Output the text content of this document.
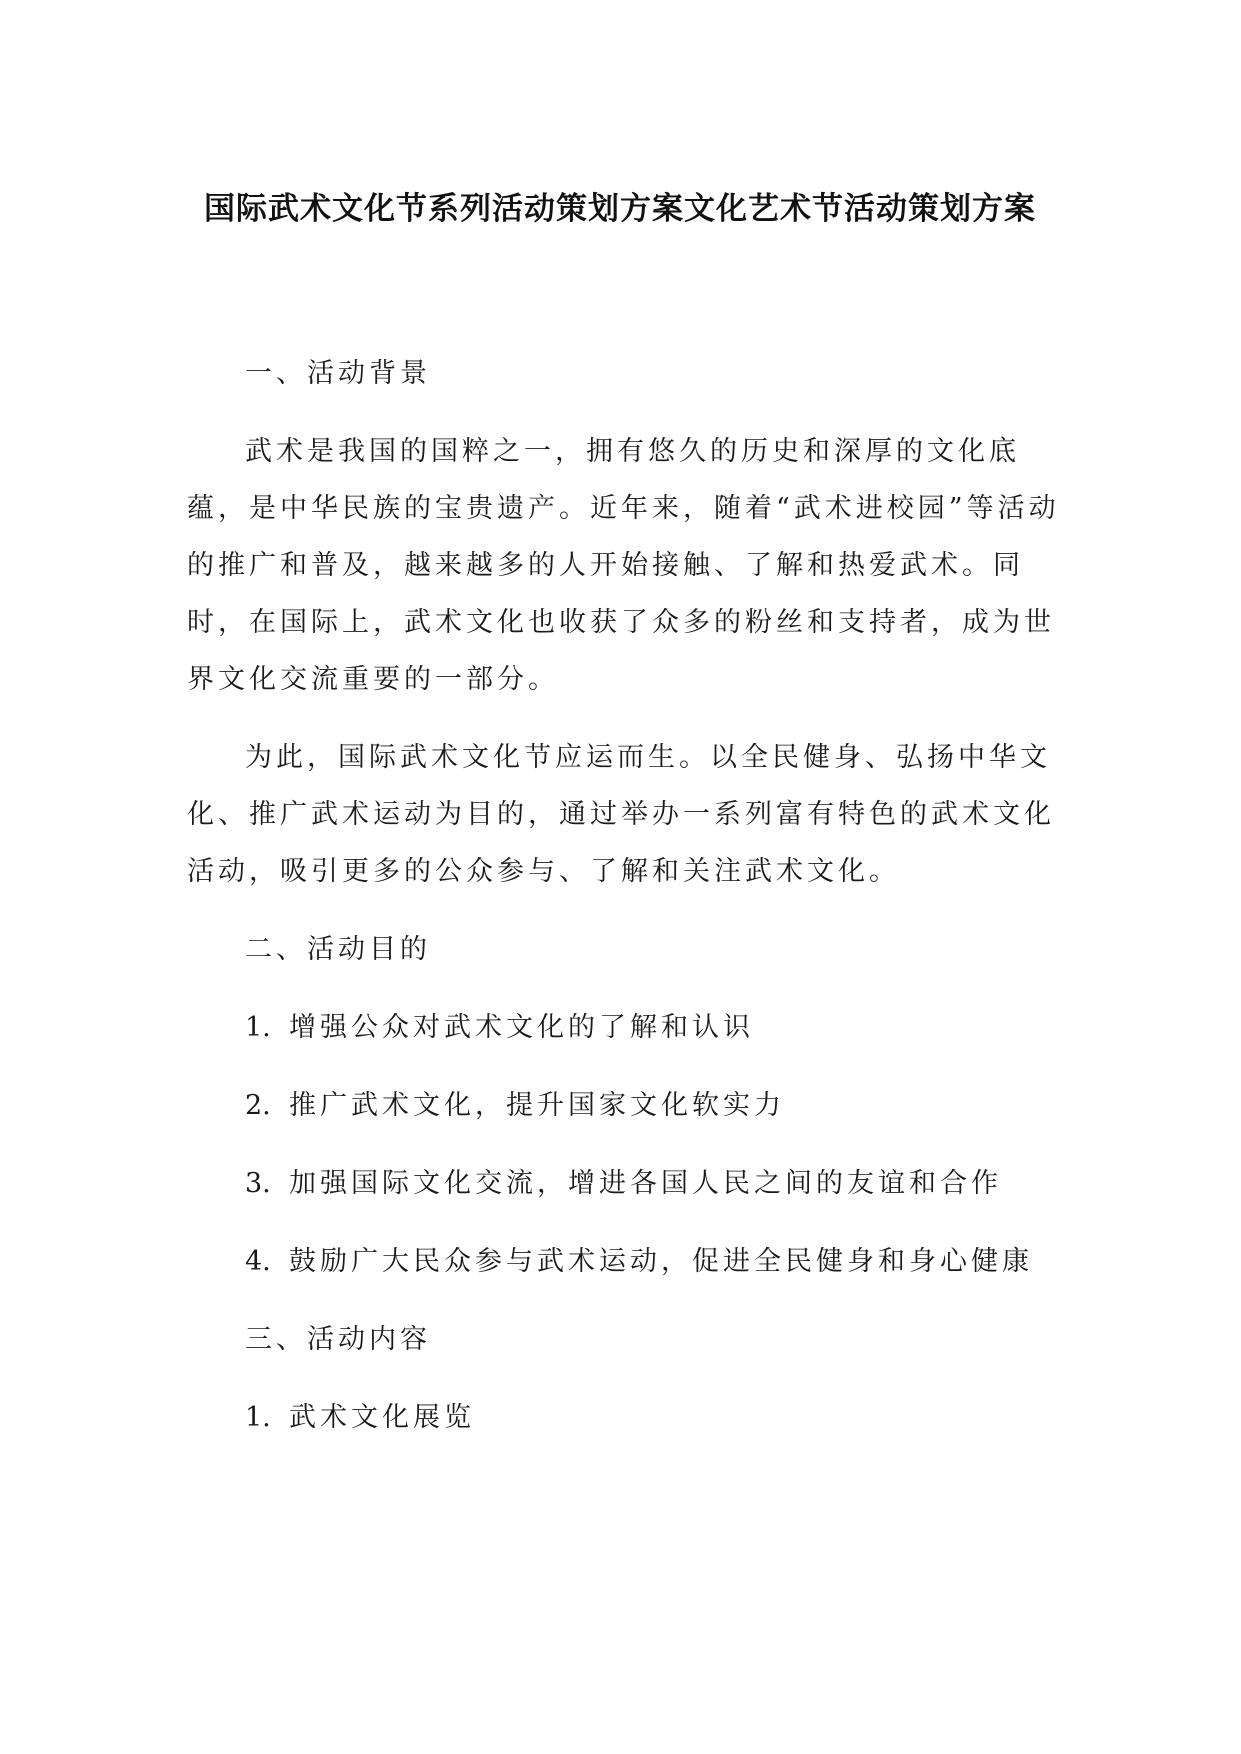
国际武术文化节系列活动策划方案文化艺术节活动策划方案
一、活动背景
武术是我国的国粹之一，拥有悠久的历史和深厚的文化底蕴，是中华民族的宝贵遗产。近年来，随着“武术进校园”等活动的推广和普及，越来越多的人开始接触、了解和热爱武术。同时，在国际上，武术文化也收获了众多的粉丝和支持者，成为世界文化交流重要的一部分。
为此，国际武术文化节应运而生。以全民健身、弘扬中华文化、推广武术运动为目的，通过举办一系列富有特色的武术文化活动，吸引更多的公众参与、了解和关注武术文化。
二、活动目的
1. 增强公众对武术文化的了解和认识
2. 推广武术文化，提升国家文化软实力
3. 加强国际文化交流，增进各国人民之间的友谊和合作
4. 鼓励广大民众参与武术运动，促进全民健身和身心健康
三、活动内容
1. 武术文化展览
